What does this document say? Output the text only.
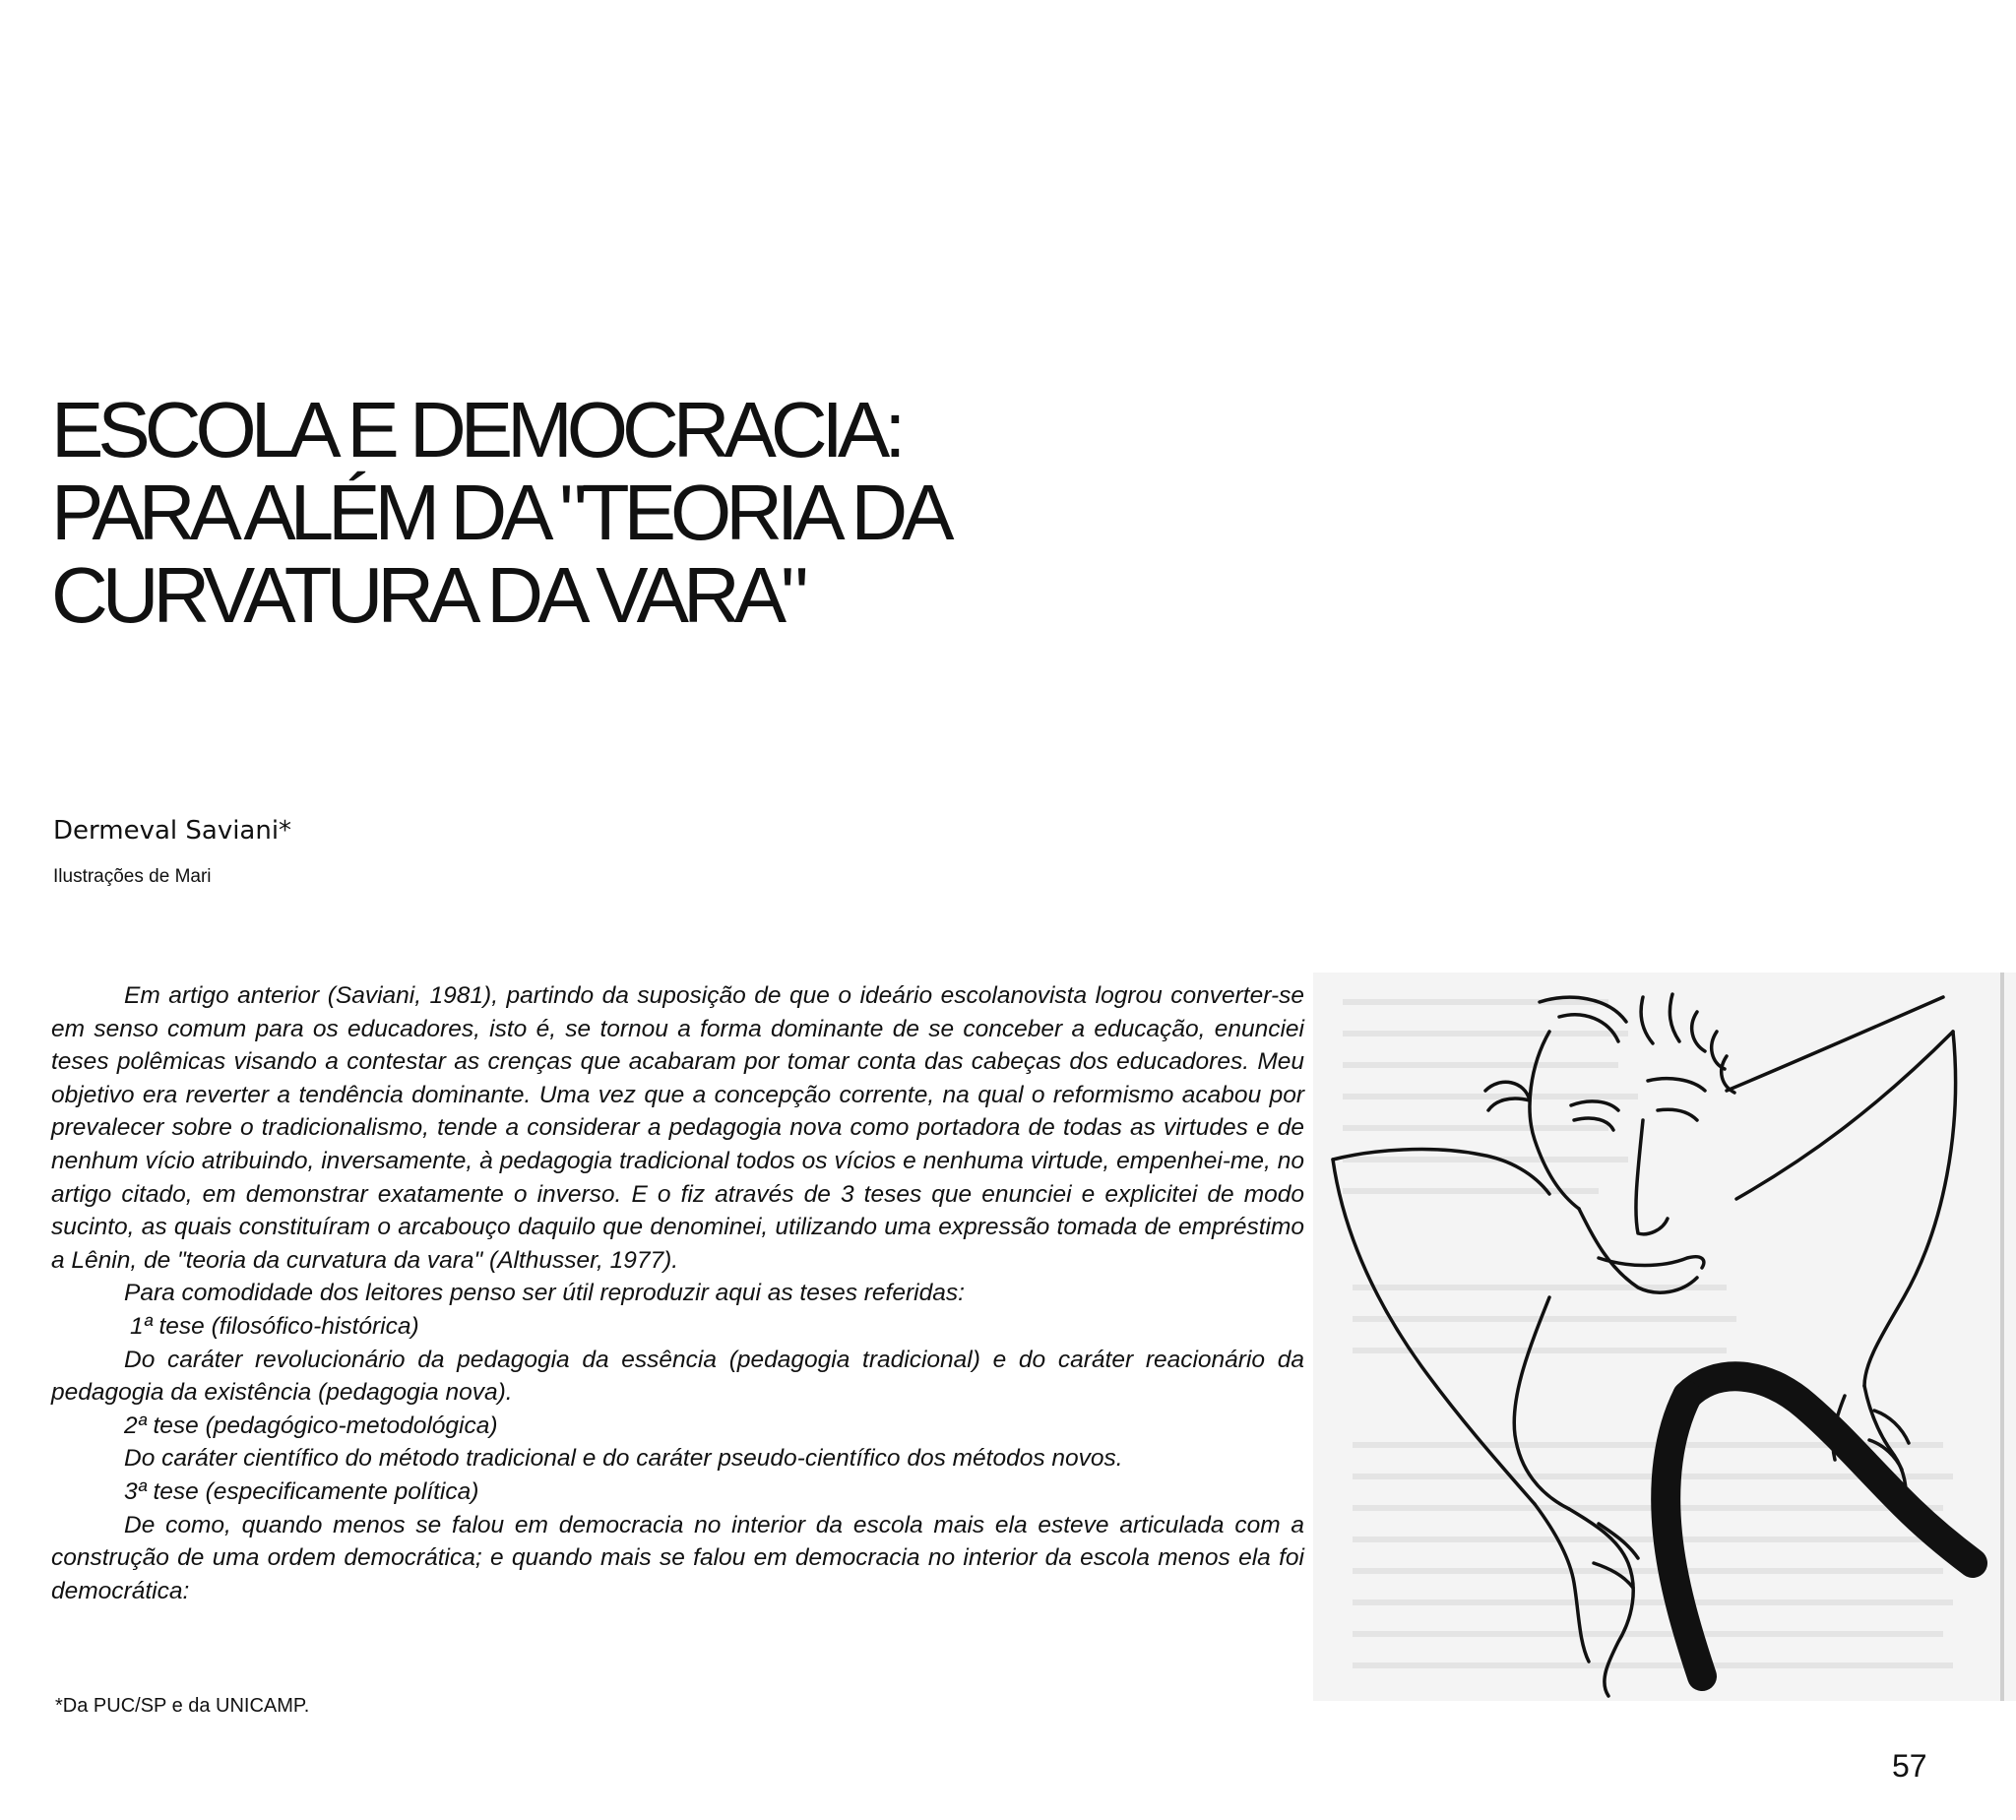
ESCOLA E DEMOCRACIA:
PARA ALÉM DA "TEORIA DA
CURVATURA DA VARA"
Dermeval Saviani*
Ilustrações de Mari

Em artigo anterior (Saviani, 1981), partindo da suposição de que o ideário escolanovista logrou converter-se em senso comum para os educadores, isto é, se tornou a forma dominante de se conceber a educação, enunciei teses polêmicas visando a contestar as crenças que acabaram por tomar conta das cabeças dos educadores. Meu objetivo era reverter a tendência dominante. Uma vez que a concepção corrente, na qual o reformismo acabou por prevalecer sobre o tradicionalismo, tende a considerar a pedagogia nova como portadora de todas as virtudes e de nenhum vício atribuindo, inversamente, à pedagogia tradicional todos os vícios e nenhuma virtude, empenhei-me, no artigo citado, em demonstrar exatamente o inverso. E o fiz através de 3 teses que enunciei e explicitei de modo sucinto, as quais constituíram o arcabouço daquilo que denominei, utilizando uma expressão tomada de empréstimo a Lênin, de "teoria da curvatura da vara" (Althusser, 1977).

Para comodidade dos leitores penso ser útil reproduzir aqui as teses referidas:

1ª tese (filosófico-histórica)

Do caráter revolucionário da pedagogia da essência (pedagogia tradicional) e do caráter reacionário da pedagogia da existência (pedagogia nova).

2ª tese (pedagógico-metodológica)

Do caráter científico do método tradicional e do caráter pseudo-científico dos métodos novos.

3ª tese (especificamente política)

De como, quando menos se falou em democracia no interior da escola mais ela esteve articulada com a construção de uma ordem democrática; e quando mais se falou em democracia no interior da escola menos ela foi democrática:

*Da PUC/SP e da UNICAMP.
57
